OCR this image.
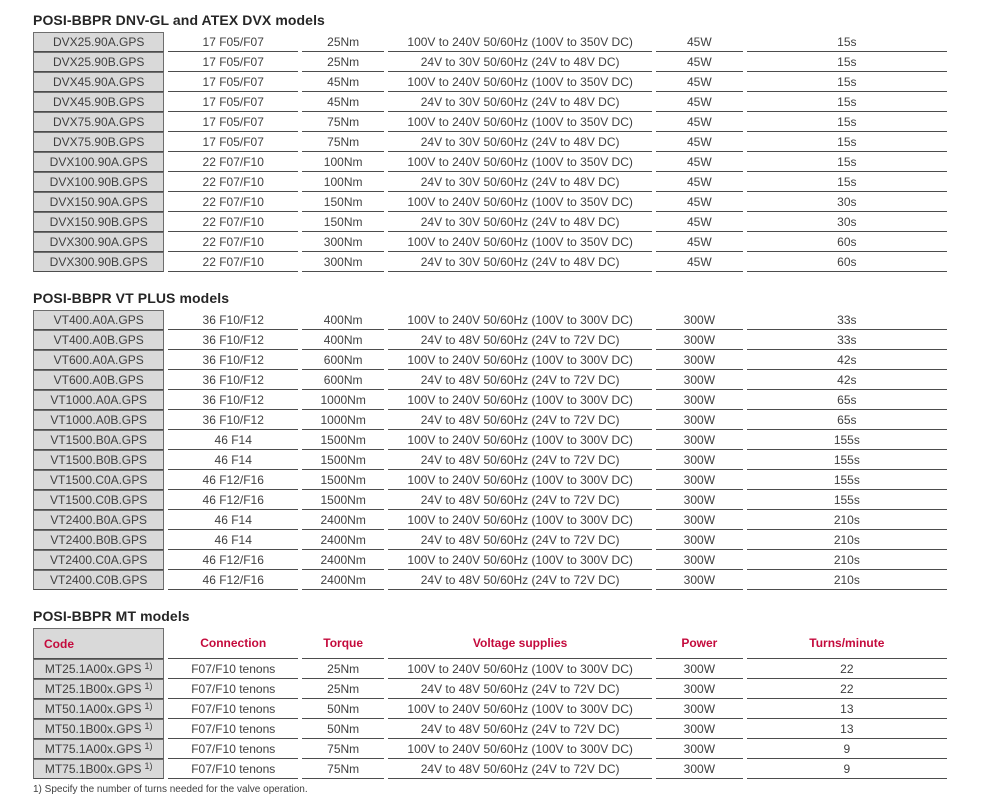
POSI-BBPR DNV-GL and ATEX DVX models
DVX25.90A.GPS	17 F05/F07	25Nm	100V to 240V 50/60Hz (100V to 350V DC)	45W	15s
DVX25.90B.GPS	17 F05/F07	25Nm	24V to 30V 50/60Hz (24V to 48V DC)	45W	15s
DVX45.90A.GPS	17 F05/F07	45Nm	100V to 240V 50/60Hz (100V to 350V DC)	45W	15s
DVX45.90B.GPS	17 F05/F07	45Nm	24V to 30V 50/60Hz (24V to 48V DC)	45W	15s
DVX75.90A.GPS	17 F05/F07	75Nm	100V to 240V 50/60Hz (100V to 350V DC)	45W	15s
DVX75.90B.GPS	17 F05/F07	75Nm	24V to 30V 50/60Hz (24V to 48V DC)	45W	15s
DVX100.90A.GPS	22 F07/F10	100Nm	100V to 240V 50/60Hz (100V to 350V DC)	45W	15s
DVX100.90B.GPS	22 F07/F10	100Nm	24V to 30V 50/60Hz (24V to 48V DC)	45W	15s
DVX150.90A.GPS	22 F07/F10	150Nm	100V to 240V 50/60Hz (100V to 350V DC)	45W	30s
DVX150.90B.GPS	22 F07/F10	150Nm	24V to 30V 50/60Hz (24V to 48V DC)	45W	30s
DVX300.90A.GPS	22 F07/F10	300Nm	100V to 240V 50/60Hz (100V to 350V DC)	45W	60s
DVX300.90B.GPS	22 F07/F10	300Nm	24V to 30V 50/60Hz (24V to 48V DC)	45W	60s
POSI-BBPR VT PLUS models
VT400.A0A.GPS	36 F10/F12	400Nm	100V to 240V 50/60Hz (100V to 300V DC)	300W	33s
VT400.A0B.GPS	36 F10/F12	400Nm	24V to 48V 50/60Hz (24V to 72V DC)	300W	33s
VT600.A0A.GPS	36 F10/F12	600Nm	100V to 240V 50/60Hz (100V to 300V DC)	300W	42s
VT600.A0B.GPS	36 F10/F12	600Nm	24V to 48V 50/60Hz (24V to 72V DC)	300W	42s
VT1000.A0A.GPS	36 F10/F12	1000Nm	100V to 240V 50/60Hz (100V to 300V DC)	300W	65s
VT1000.A0B.GPS	36 F10/F12	1000Nm	24V to 48V 50/60Hz (24V to 72V DC)	300W	65s
VT1500.B0A.GPS	46 F14	1500Nm	100V to 240V 50/60Hz (100V to 300V DC)	300W	155s
VT1500.B0B.GPS	46 F14	1500Nm	24V to 48V 50/60Hz (24V to 72V DC)	300W	155s
VT1500.C0A.GPS	46 F12/F16	1500Nm	100V to 240V 50/60Hz (100V to 300V DC)	300W	155s
VT1500.C0B.GPS	46 F12/F16	1500Nm	24V to 48V 50/60Hz (24V to 72V DC)	300W	155s
VT2400.B0A.GPS	46 F14	2400Nm	100V to 240V 50/60Hz (100V to 300V DC)	300W	210s
VT2400.B0B.GPS	46 F14	2400Nm	24V to 48V 50/60Hz (24V to 72V DC)	300W	210s
VT2400.C0A.GPS	46 F12/F16	2400Nm	100V to 240V 50/60Hz (100V to 300V DC)	300W	210s
VT2400.C0B.GPS	46 F12/F16	2400Nm	24V to 48V 50/60Hz (24V to 72V DC)	300W	210s
POSI-BBPR MT models
Code	Connection	Torque	Voltage supplies	Power	Turns/minute
MT25.1A00x.GPS $^{1)}$	F07/F10 tenons	25Nm	100V to 240V 50/60Hz (100V to 300V DC)	300W	22
MT25.1B00x.GPS $^{1)}$	F07/F10 tenons	25Nm	24V to 48V 50/60Hz (24V to 72V DC)	300W	22
MT50.1A00x.GPS $^{1)}$	F07/F10 tenons	50Nm	100V to 240V 50/60Hz (100V to 300V DC)	300W	13
MT50.1B00x.GPS $^{1)}$	F07/F10 tenons	50Nm	24V to 48V 50/60Hz (24V to 72V DC)	300W	13
MT75.1A00x.GPS $^{1)}$	F07/F10 tenons	75Nm	100V to 240V 50/60Hz (100V to 300V DC)	300W	9
MT75.1B00x.GPS $^{1)}$	F07/F10 tenons	75Nm	24V to 48V 50/60Hz (24V to 72V DC)	300W	9

1) Specify the number of turns needed for the valve operation.
